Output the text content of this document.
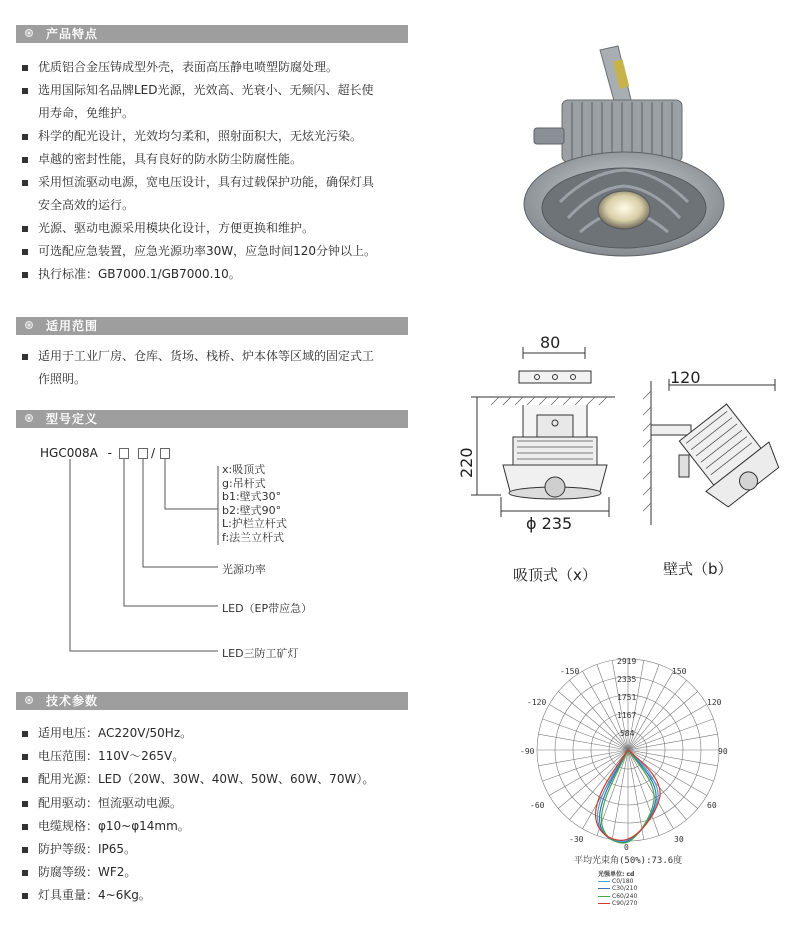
产品特点
优质铝合金压铸成型外壳，表面高压静电喷塑防腐处理。
选用国际知名品牌LED光源，光效高、光衰小、无频闪、超长使
用寿命，免维护。
科学的配光设计，光效均匀柔和，照射面积大，无炫光污染。
卓越的密封性能，具有良好的防水防尘防腐性能。
采用恒流驱动电源，宽电压设计，具有过载保护功能，确保灯具
安全高效的运行。
光源、驱动电源采用模块化设计，方便更换和维护。
可选配应急装置，应急光源功率30W，应急时间120分钟以上。
执行标准：GB7000.1/GB7000.10。
适用范围
适用于工业厂房、仓库、货场、栈桥、炉本体等区域的固定式工
作照明。
型号定义
HGC008A -	/
x:吸顶式
g:吊杆式
b1:壁式30°
b2:壁式90°
L:护栏立杆式
f:法兰立杆式
光源功率
LED（EP带应急）
LED三防工矿灯
技术参数
适用电压：AC220V/50Hz。
电压范围：110V～265V。
配用光源：LED（20W、30W、40W、50W、60W、70W）。
配用驱动：恒流驱动电源。
电缆规格：φ10~φ14mm。
防护等级：IP65。
防腐等级：WF2。
灯具重量：4~6Kg。
80
220
ϕ 235
120
吸顶式（x）	壁式（b）
-150	150
-120	120
-90	90
-60	60
-30	30
0
2919
2335
1751
1167
584
平均光束角(50%):73.6度
光强单位: cd
C0/180
C30/210
C60/240
C90/270
